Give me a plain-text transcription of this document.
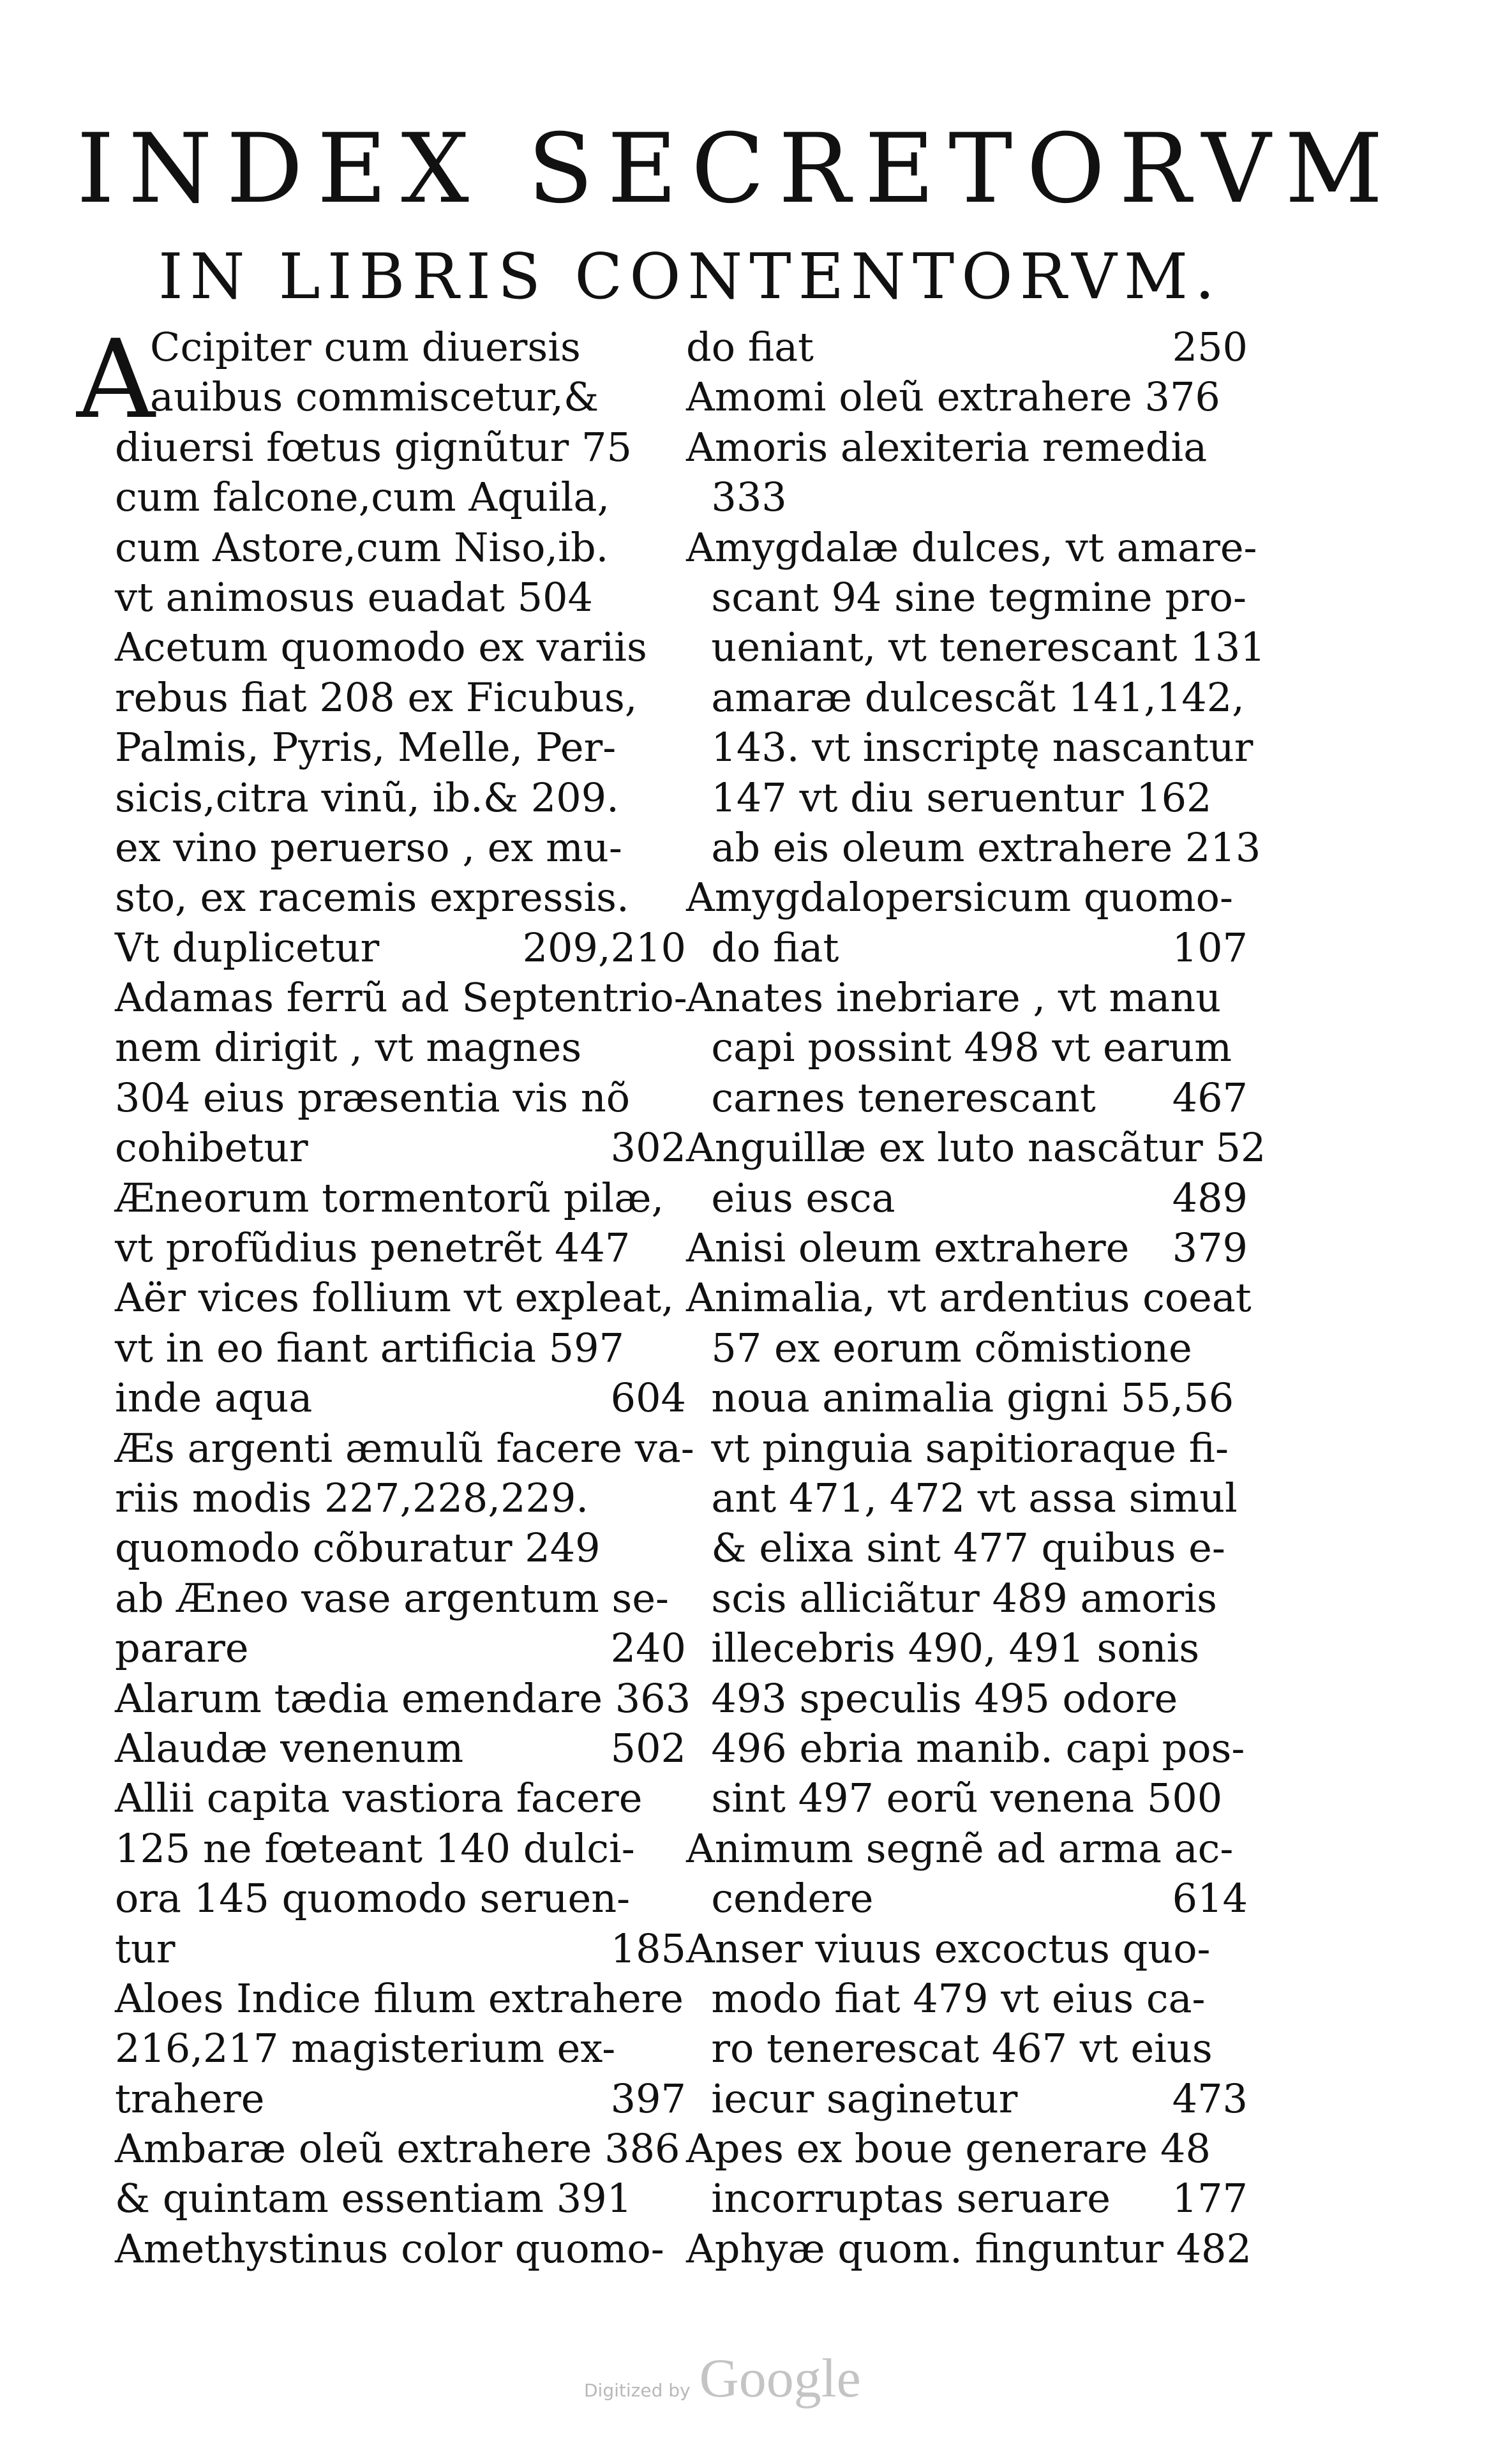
INDEX SECRETORVM
IN LIBRIS CONTENTORVM.
A
Ccipiter cum diuersis
auibus commiscetur,&
diuersi fœtus gignũtur 75
cum falcone,cum Aquila,
cum Astore,cum Niso,ib.
vt animosus euadat 504
Acetum quomodo ex variis
rebus fiat 208 ex Ficubus,
Palmis, Pyris, Melle, Per-
sicis,citra vinũ, ib.& 209.
ex vino peruerso , ex mu-
sto, ex racemis expressis.
Vt duplicetur	209,210
Adamas ferrũ ad Septentrio-
nem dirigit , vt magnes
304 eius præsentia vis nõ
cohibetur	302
Æneorum tormentorũ pilæ,
vt profũdius penetrẽt 447
Aër vices follium vt expleat,
vt in eo fiant artificia 597
inde aqua	604
Æs argenti æmulũ facere va-
riis modis 227,228,229.
quomodo cõburatur 249
ab Æneo vase argentum se-
parare	240
Alarum tædia emendare 363
Alaudæ venenum	502
Allii capita vastiora facere
125 ne fœteant 140 dulci-
ora 145 quomodo seruen-
tur	185
Aloes Indice filum extrahere
216,217 magisterium ex-
trahere	397
Ambaræ oleũ extrahere 386
& quintam essentiam 391
Amethystinus color quomo-
do fiat	250
Amomi oleũ extrahere 376
Amoris alexiteria remedia
333
Amygdalæ dulces, vt amare-
scant 94 sine tegmine pro-
ueniant, vt tenerescant 131
amaræ dulcescãt 141,142,
143. vt inscriptę nascantur
147 vt diu seruentur 162
ab eis oleum extrahere 213
Amygdalopersicum quomo-
do fiat	107
Anates inebriare , vt manu
capi possint 498 vt earum
carnes tenerescant 467
Anguillæ ex luto nascãtur 52
eius esca	489
Anisi oleum extrahere 379
Animalia, vt ardentius coeat
57 ex eorum cõmistione
noua animalia gigni 55,56
vt pinguia sapitioraque fi-
ant 471, 472 vt assa simul
& elixa sint 477 quibus e-
scis alliciãtur 489 amoris
illecebris 490, 491 sonis
493 speculis 495 odore
496 ebria manib. capi pos-
sint 497 eorũ venena 500
Animum segnẽ ad arma ac-
cendere	614
Anser viuus excoctus quo-
modo fiat 479 vt eius ca-
ro tenerescat 467 vt eius
iecur saginetur	473
Apes ex boue generare 48
incorruptas seruare 177
Aphyæ quom. finguntur 482
Digitized by Google
